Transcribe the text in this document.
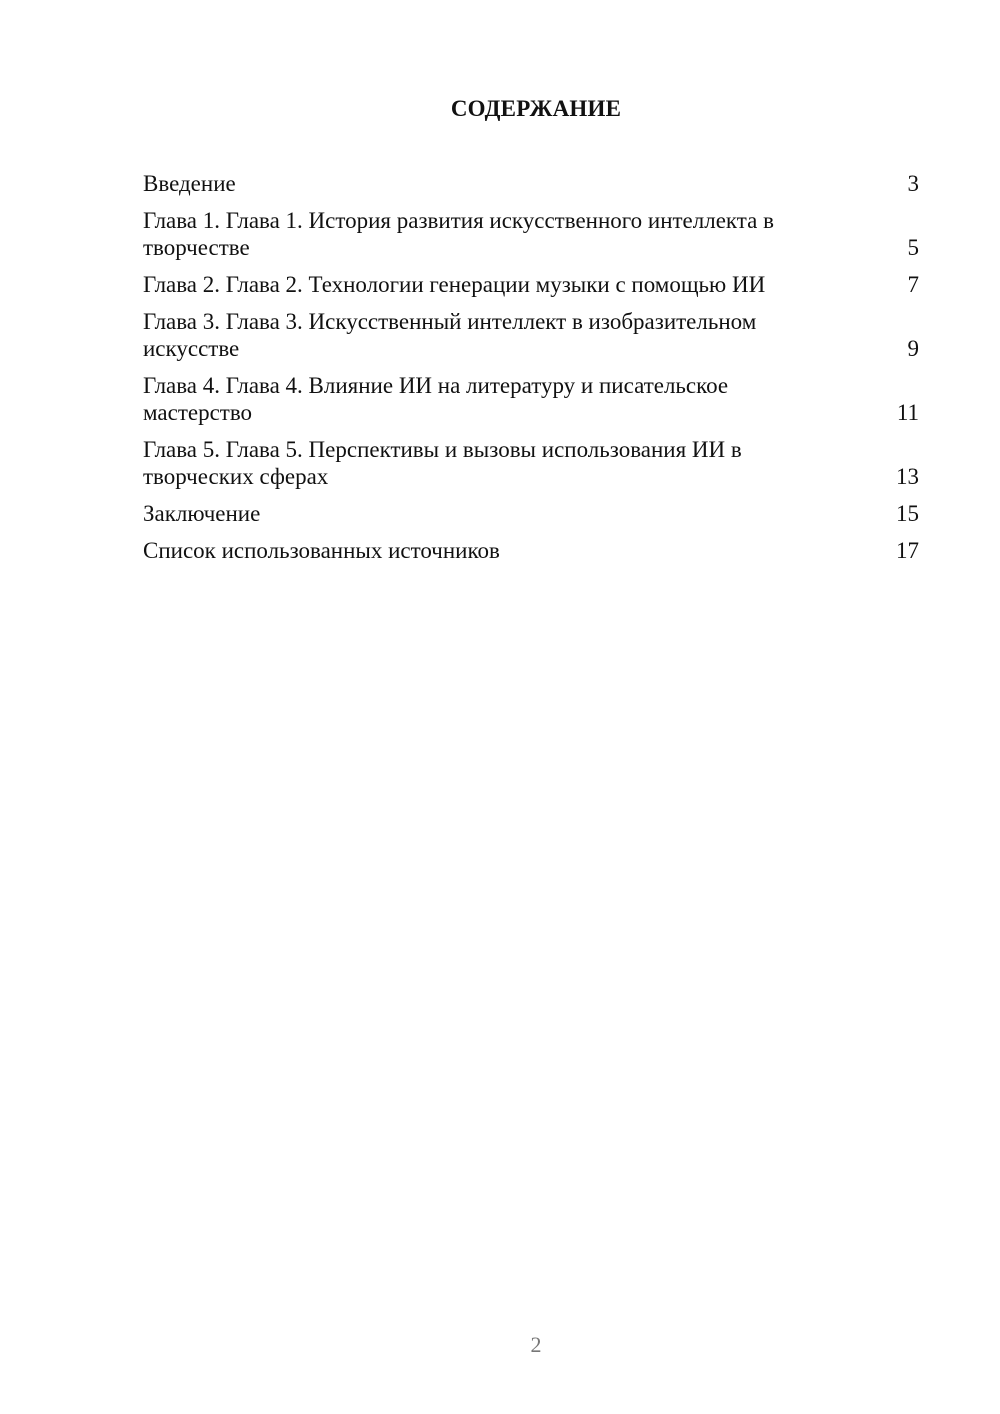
СОДЕРЖАНИЕ
Введение	3
Глава 1. Глава 1. История развития искусственного интеллекта в творчестве	5
Глава 2. Глава 2. Технологии генерации музыки с помощью ИИ	7
Глава 3. Глава 3. Искусственный интеллект в изобразительном искусстве	9
Глава 4. Глава 4. Влияние ИИ на литературу и писательское мастерство	11
Глава 5. Глава 5. Перспективы и вызовы использования ИИ в творческих сферах	13
Заключение	15
Список использованных источников	17
2
